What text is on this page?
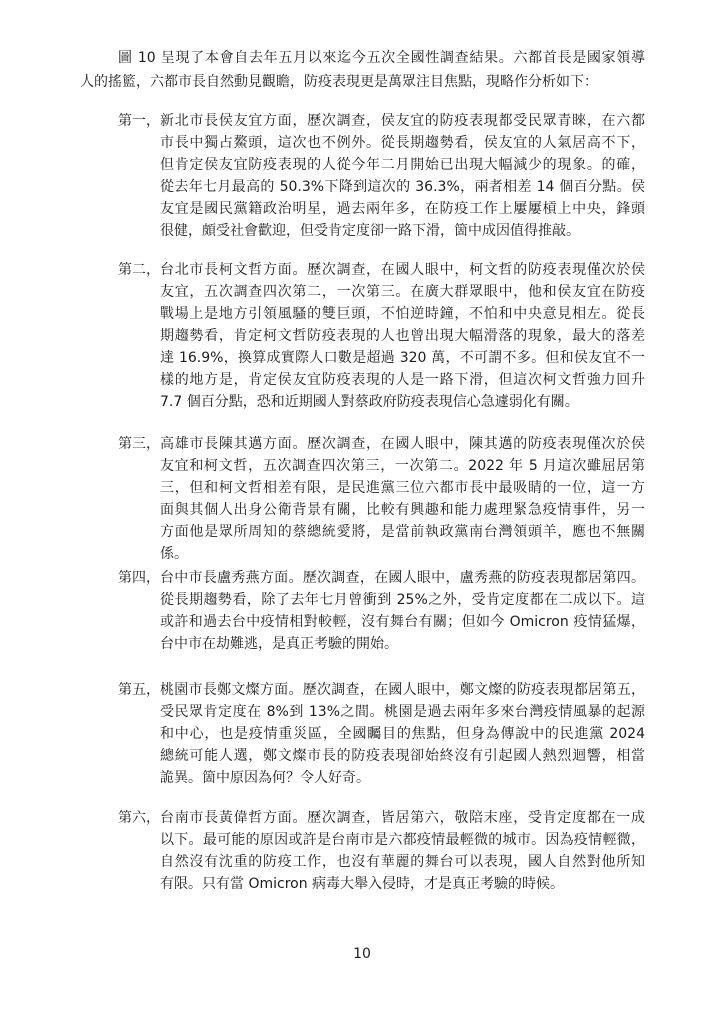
圖 10 呈現了本會自去年五月以來迄今五次全國性調查結果。六都首長是國家領導
人的搖籃，六都市長自然動見觀瞻，防疫表現更是萬眾注目焦點，現略作分析如下：
第一， 新北市長侯友宜方面，歷次調查，侯友宜的防疫表現都受民眾青睞，在六都
市長中獨占鰲頭，這次也不例外。從長期趨勢看，侯友宜的人氣居高不下，
但肯定侯友宜防疫表現的人從今年二月開始已出現大幅減少的現象。的確，
從去年七月最高的 50.3%下降到這次的 36.3%，兩者相差 14 個百分點。侯
友宜是國民黨籍政治明星，過去兩年多，在防疫工作上屢屢槓上中央，鋒頭
很健，頗受社會歡迎，但受肯定度卻一路下滑，箇中成因值得推敲。
第二， 台北市長柯文哲方面。歷次調查，在國人眼中，柯文哲的防疫表現僅次於侯
友宜，五次調查四次第二，一次第三。在廣大群眾眼中，他和侯友宜在防疫
戰場上是地方引領風騷的雙巨頭，不怕逆時鐘，不怕和中央意見相左。從長
期趨勢看，肯定柯文哲防疫表現的人也曾出現大幅滑落的現象，最大的落差
達 16.9%，換算成實際人口數是超過 320 萬，不可謂不多。但和侯友宜不一
樣的地方是，肯定侯友宜防疫表現的人是一路下滑，但這次柯文哲強力回升
7.7 個百分點，恐和近期國人對蔡政府防疫表現信心急遽弱化有關。
第三， 高雄市長陳其邁方面。歷次調查，在國人眼中，陳其邁的防疫表現僅次於侯
友宜和柯文哲，五次調查四次第三，一次第二。2022 年 5 月這次雖屈居第
三，但和柯文哲相差有限，是民進黨三位六都市長中最吸睛的一位，這一方
面與其個人出身公衛背景有關，比較有興趣和能力處理緊急疫情事件，另一
方面他是眾所周知的蔡總統愛將，是當前執政黨南台灣領頭羊，應也不無關
係。
第四， 台中市長盧秀燕方面。歷次調查，在國人眼中，盧秀燕的防疫表現都居第四。
從長期趨勢看，除了去年七月曾衝到 25%之外，受肯定度都在二成以下。這
或許和過去台中疫情相對較輕，沒有舞台有關；但如今 Omicron 疫情猛爆，
台中市在劫難逃，是真正考驗的開始。
第五， 桃園市長鄭文燦方面。歷次調查，在國人眼中，鄭文燦的防疫表現都居第五，
受民眾肯定度在 8%到 13%之間。桃園是過去兩年多來台灣疫情風暴的起源
和中心，也是疫情重災區，全國矚目的焦點，但身為傳說中的民進黨 2024
總統可能人選，鄭文燦市長的防疫表現卻始終沒有引起國人熱烈迴響，相當
詭異。箇中原因為何？令人好奇。
第六， 台南市長黃偉哲方面。歷次調查，皆居第六，敬陪末座，受肯定度都在一成
以下。最可能的原因或許是台南市是六都疫情最輕微的城市。因為疫情輕微，
自然沒有沈重的防疫工作，也沒有華麗的舞台可以表現，國人自然對他所知
有限。只有當 Omicron 病毒大舉入侵時，才是真正考驗的時候。
10
